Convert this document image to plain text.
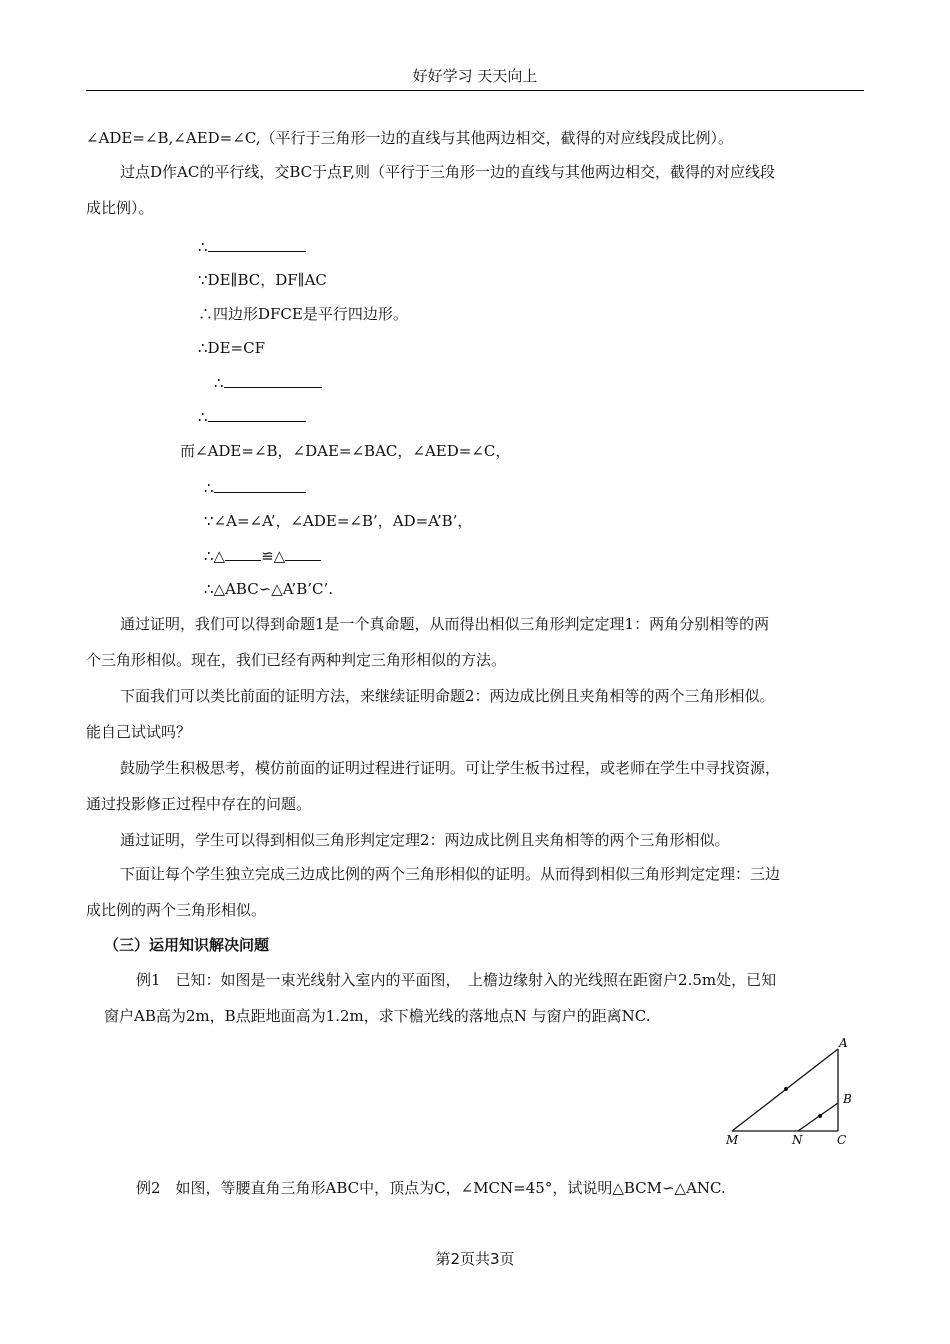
好好学习 天天向上
∠ADE=∠B,∠AED=∠C,（平行于三角形一边的直线与其他两边相交，截得的对应线段成比例）。
过点D作AC的平行线，交BC于点F,则（平行于三角形一边的直线与其他两边相交，截得的对应线段
成比例）。
∴
∵DE∥BC，DF∥AC
∴四边形DFCE是平行四边形。
∴DE=CF
∴
∴
而∠ADE=∠B，∠DAE=∠BAC，∠AED=∠C，
∴
∵∠A=∠A’，∠ADE=∠B’，AD=A’B’，
∴△ ≌△
∴△ABC∽△A’B’C’.
通过证明，我们可以得到命题1是一个真命题，从而得出相似三角形判定定理1：两角分别相等的两
个三角形相似。现在，我们已经有两种判定三角形相似的方法。
下面我们可以类比前面的证明方法，来继续证明命题2：两边成比例且夹角相等的两个三角形相似。
能自己试试吗？
鼓励学生积极思考，模仿前面的证明过程进行证明。可让学生板书过程，或老师在学生中寻找资源，
通过投影修正过程中存在的问题。
通过证明，学生可以得到相似三角形判定定理2：两边成比例且夹角相等的两个三角形相似。
下面让每个学生独立完成三边成比例的两个三角形相似的证明。从而得到相似三角形判定定理：三边
成比例的两个三角形相似。
（三）运用知识解决问题
例1　已知：如图是一束光线射入室内的平面图，　上檐边缘射入的光线照在距窗户2.5m处，已知
窗户AB高为2m，B点距地面高为1.2m，求下檐光线的落地点N 与窗户的距离NC.
A
B
M	N	C
例2　如图，等腰直角三角形ABC中，顶点为C，∠MCN=45°，试说明△BCM∽△ANC.
第2页共3页
